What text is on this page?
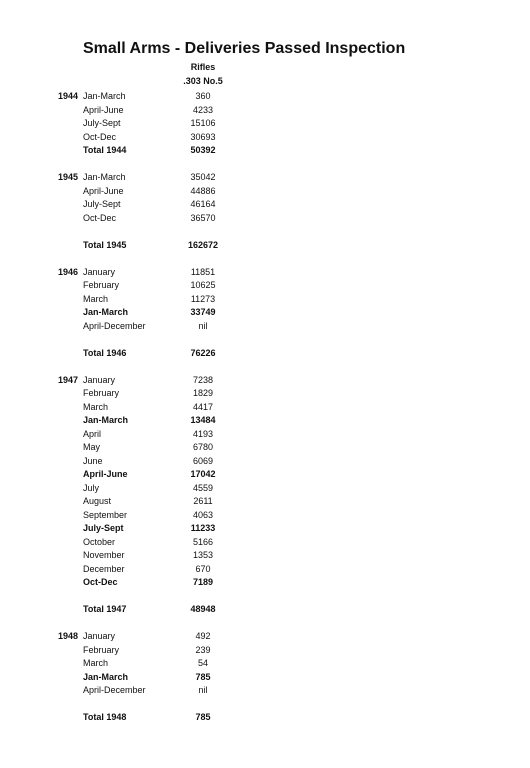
Small Arms - Deliveries Passed Inspection
Rifles
.303 No.5
1944 Jan-March	360
April-June	4233
July-Sept	15106
Oct-Dec	30693
Total 1944	50392
1945 Jan-March	35042
April-June	44886
July-Sept	46164
Oct-Dec	36570
Total 1945	162672
1946 January	11851
February	10625
March	11273
Jan-March	33749
April-December	nil
Total 1946	76226
1947 January	7238
February	1829
March	4417
Jan-March	13484
April	4193
May	6780
June	6069
April-June	17042
July	4559
August	2611
September	4063
July-Sept	11233
October	5166
November	1353
December	670
Oct-Dec	7189
Total 1947	48948
1948 January	492
February	239
March	54
Jan-March	785
April-December	nil
Total 1948	785
